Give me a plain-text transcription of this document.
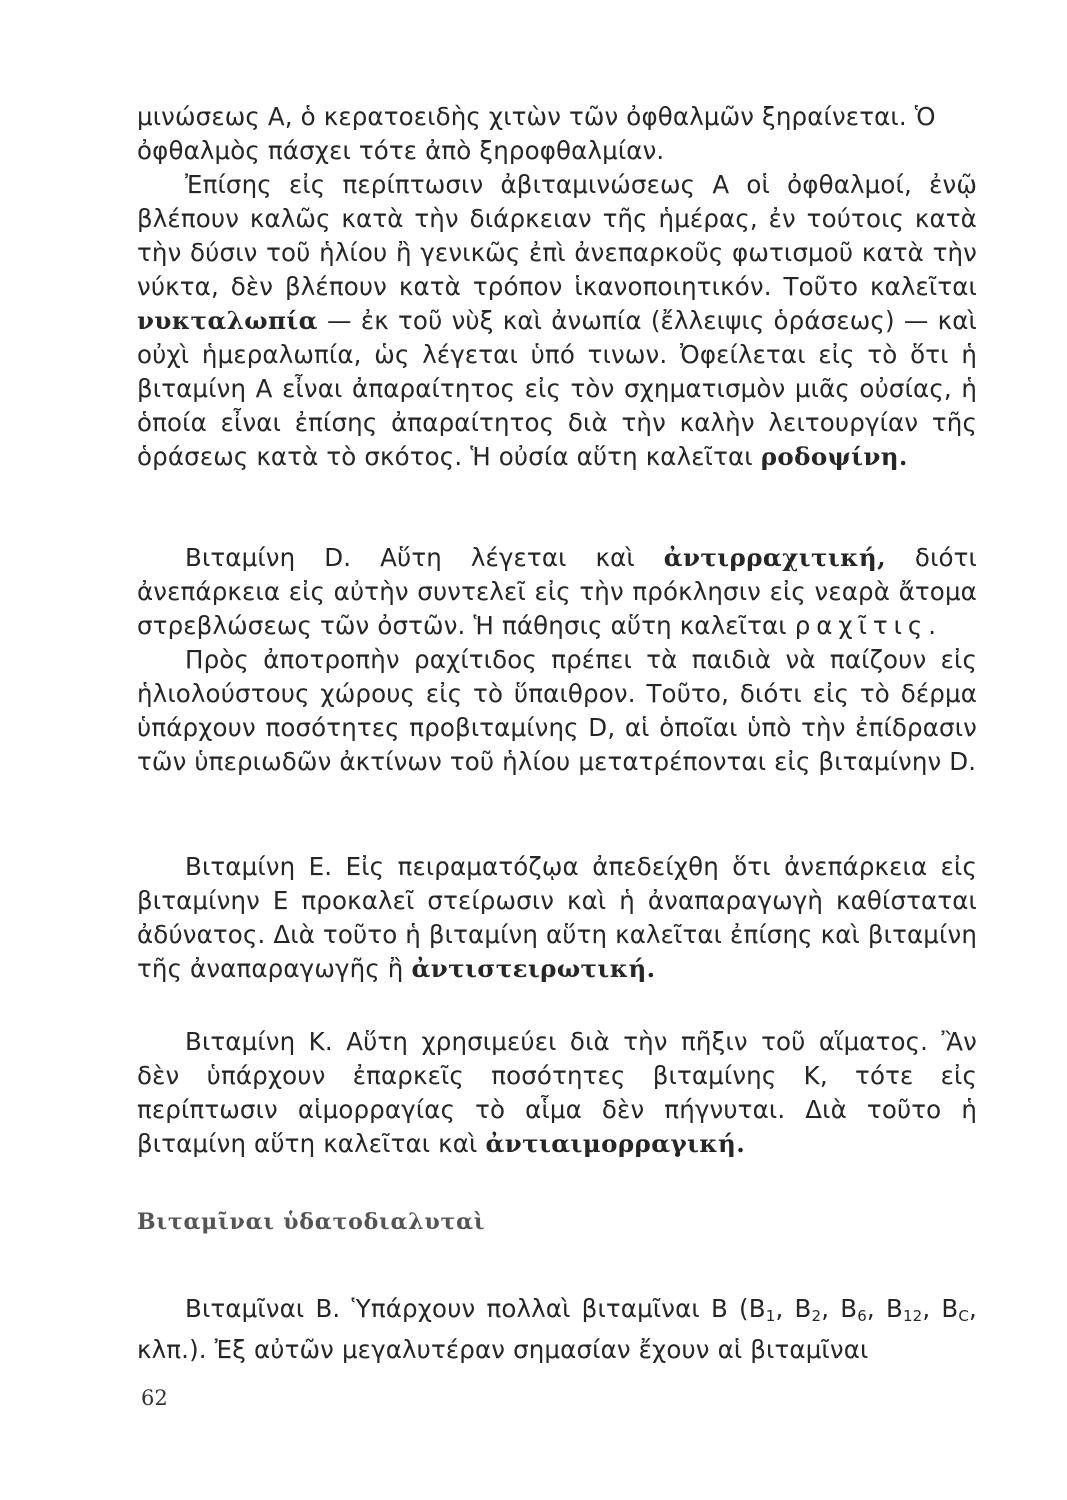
μινώσεως Α, ὁ κερατοειδὴς χιτὼν τῶν ὀφθαλμῶν ξηραίνεται. Ὁ
ὀφθαλμὸς πάσχει τότε ἀπὸ ξηροφθαλμίαν.
Ἐπίσης εἰς περίπτωσιν ἀβιταμινώσεως Α οἱ ὀφθαλμοί, ἐνῷ βλέπουν καλῶς κατὰ τὴν διάρκειαν τῆς ἡμέρας, ἐν τούτοις κατὰ τὴν δύσιν τοῦ ἡλίου ἢ γενικῶς ἐπὶ ἀνεπαρκοῦς φωτισμοῦ κατὰ τὴν νύκτα, δὲν βλέπουν κατὰ τρόπον ἱκανοποιητικόν. Τοῦτο καλεῖται νυκταλωπία — ἐκ τοῦ νὺξ καὶ ἀνωπία (ἔλλειψις ὁράσεως) — καὶ οὐχὶ ἡμεραλωπία, ὡς λέγεται ὑπό τινων. Ὀφείλεται εἰς τὸ ὅτι ἡ βιταμίνη Α εἶναι ἀπαραίτητος εἰς τὸν σχηματισμὸν μιᾶς οὐσίας, ἡ ὁποία εἶναι ἐπίσης ἀπαραίτητος διὰ τὴν καλὴν λειτουργίαν τῆς ὁράσεως κατὰ τὸ σκότος. Ἡ οὐσία αὕτη καλεῖται ροδοψίνη.

Βιταμίνη D. Αὕτη λέγεται καὶ ἀντιρραχιτική, διότι ἀνεπάρκεια εἰς αὐτὴν συντελεῖ εἰς τὴν πρόκλησιν εἰς νεαρὰ ἄτομα στρεβλώσεως τῶν ὀστῶν. Ἡ πάθησις αὕτη καλεῖται ραχῖτις.
Πρὸς ἀποτροπὴν ραχίτιδος πρέπει τὰ παιδιὰ νὰ παίζουν εἰς ἡλιολούστους χώρους εἰς τὸ ὕπαιθρον. Τοῦτο, διότι εἰς τὸ δέρμα ὑπάρχουν ποσότητες προβιταμίνης D, αἱ ὁποῖαι ὑπὸ τὴν ἐπίδρασιν τῶν ὑπεριωδῶν ἀκτίνων τοῦ ἡλίου μετατρέπονται εἰς βιταμίνην D.

Βιταμίνη Ε. Εἰς πειραματόζῳα ἀπεδείχθη ὅτι ἀνεπάρκεια εἰς βιταμίνην Ε προκαλεῖ στείρωσιν καὶ ἡ ἀναπαραγωγὴ καθίσταται ἀδύνατος. Διὰ τοῦτο ἡ βιταμίνη αὕτη καλεῖται ἐπίσης καὶ βιταμίνη τῆς ἀναπαραγωγῆς ἢ ἀντιστειρωτική.

Βιταμίνη Κ. Αὕτη χρησιμεύει διὰ τὴν πῆξιν τοῦ αἵματος. Ἂν δὲν ὑπάρχουν ἐπαρκεῖς ποσότητες βιταμίνης Κ, τότε εἰς περίπτωσιν αἱμορραγίας τὸ αἷμα δὲν πήγνυται. Διὰ τοῦτο ἡ βιταμίνη αὕτη καλεῖται καὶ ἀντιαιμορραγική.

Βιταμῖναι ὑδατοδιαλυταὶ

Βιταμῖναι Β. Ὑπάρχουν πολλαὶ βιταμῖναι Β ($B_1$, $B_2$, $B_6$, $B_{12}$, $B_C$, κλπ.). Ἐξ αὐτῶν μεγαλυτέραν σημασίαν ἔχουν αἱ βιταμῖναι

62
